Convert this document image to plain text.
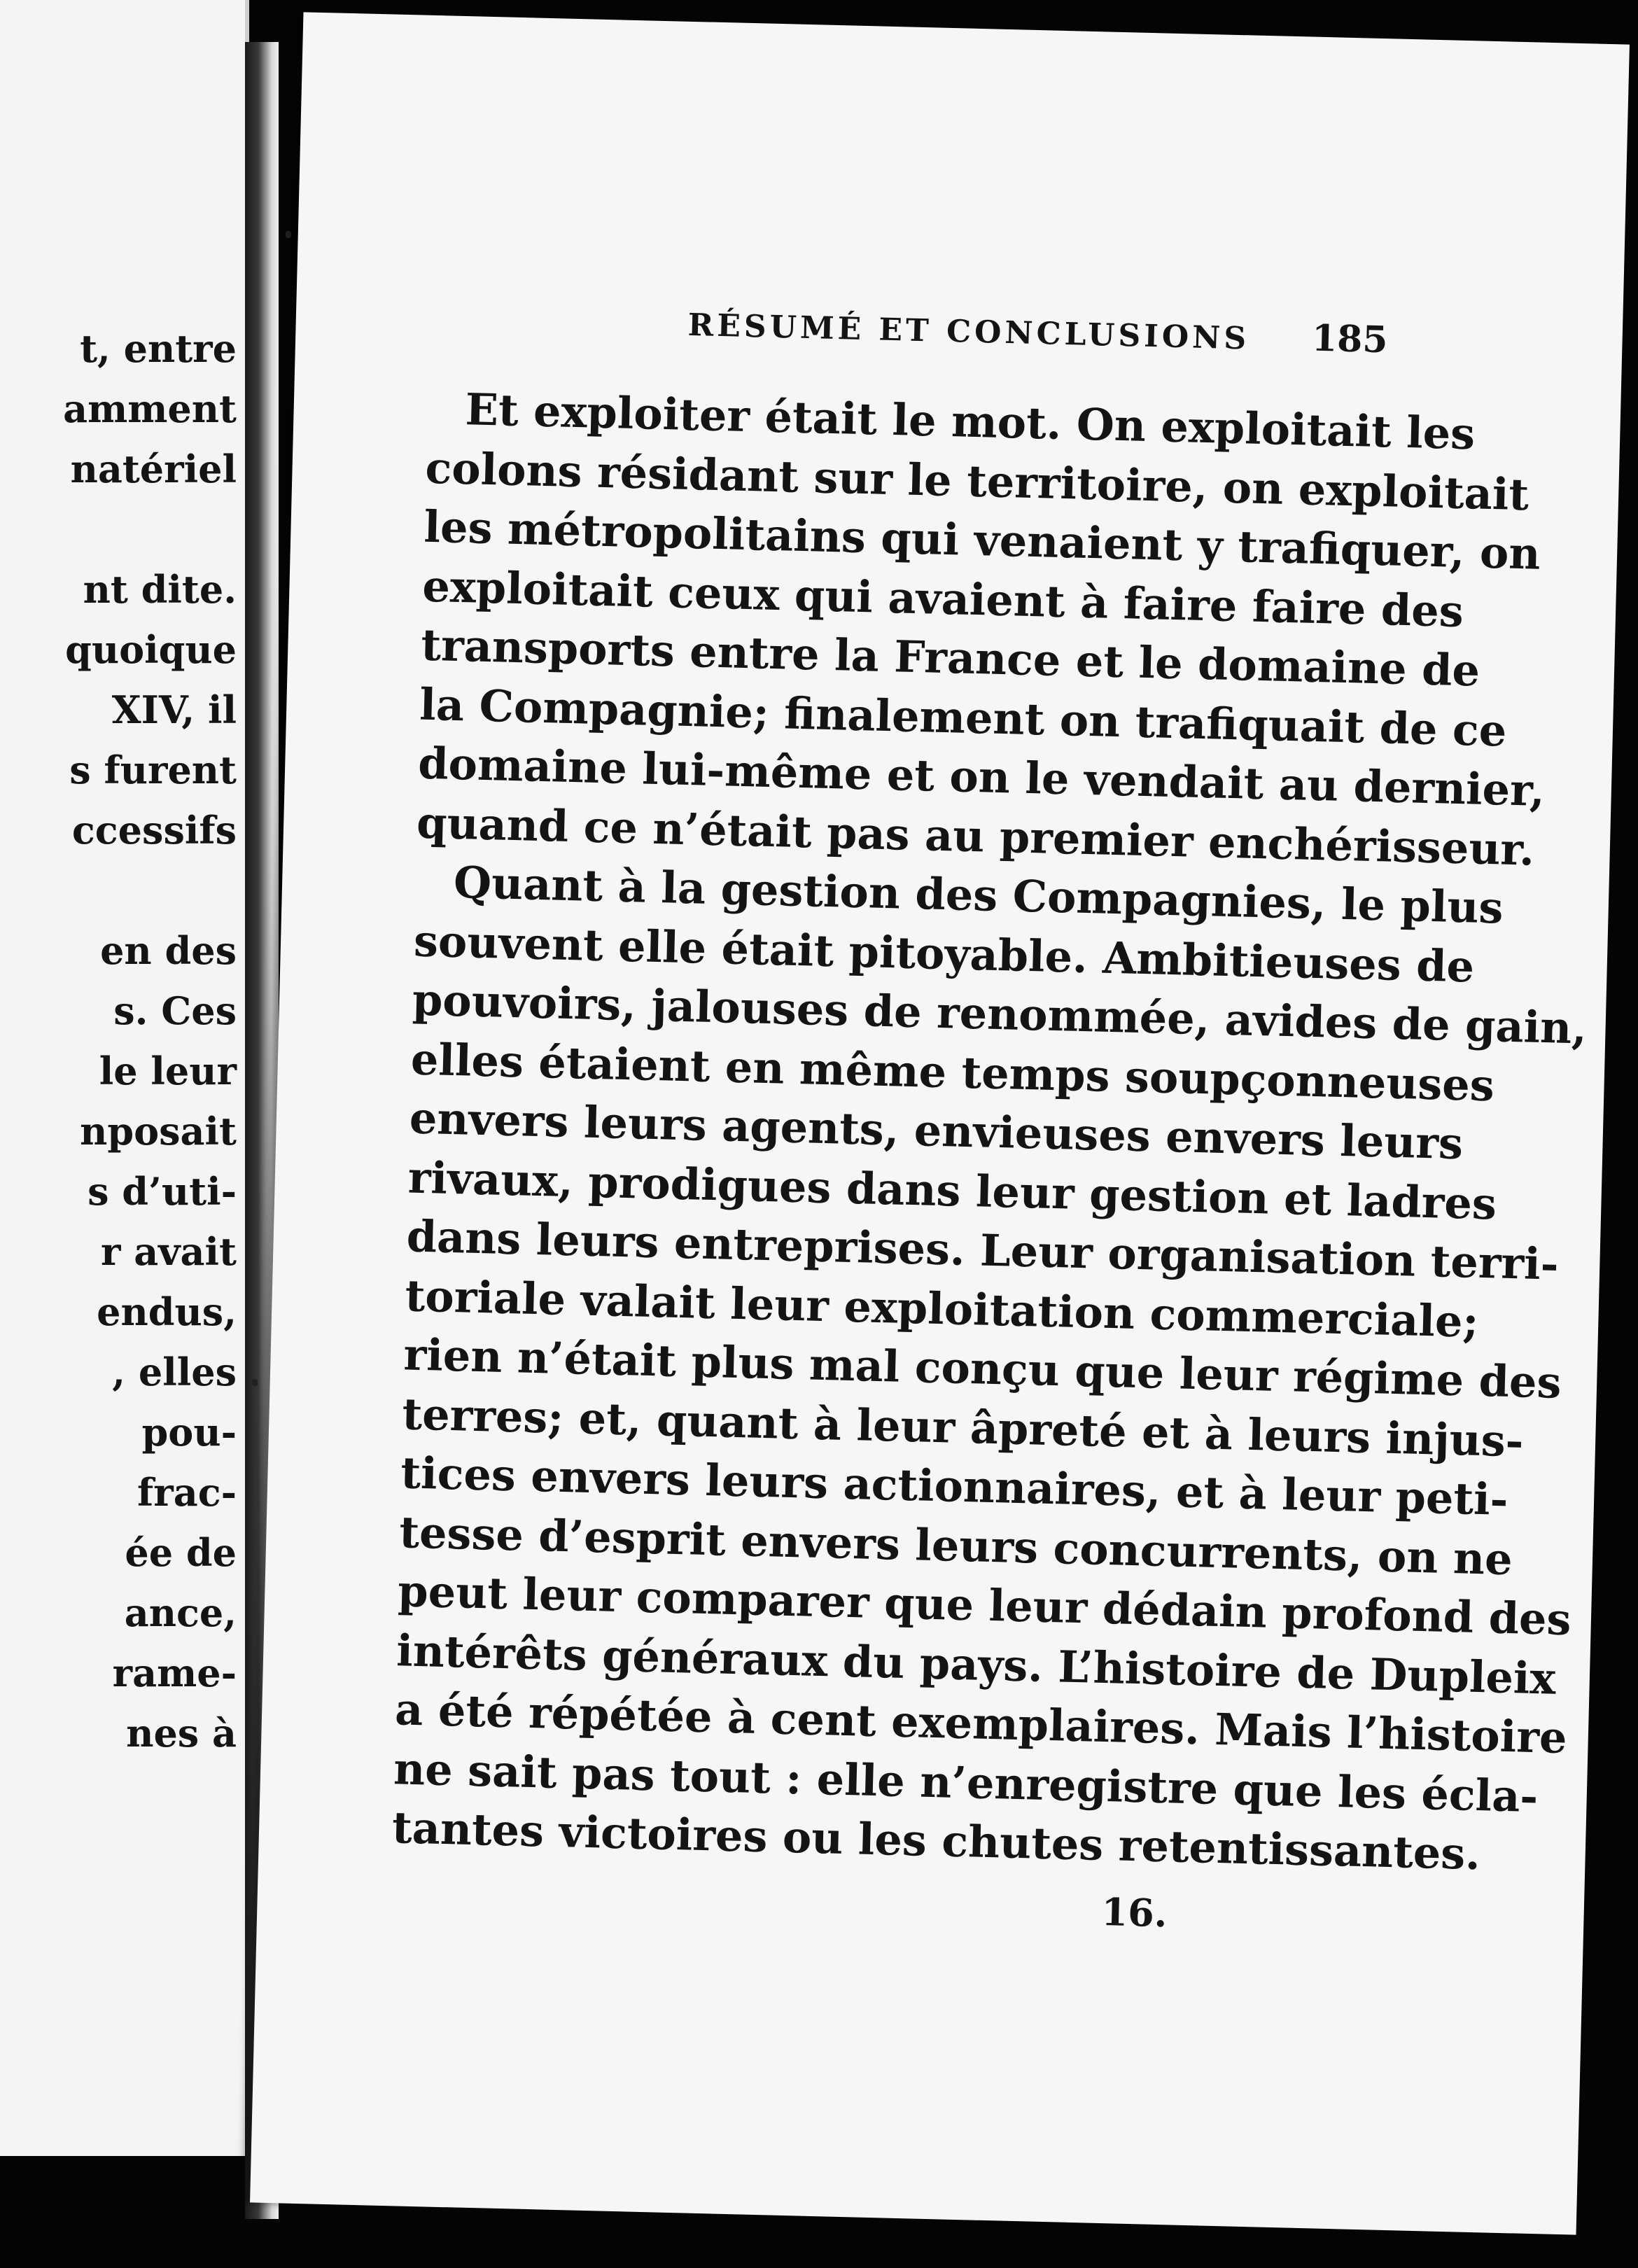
t, entre
amment
natériel
nt dite.
quoique
XIV, il
s furent
ccessifs
en des
s. Ces
le leur
nposait
s d’uti-
r avait
endus,
, elles
pou-
frac-
ée de
ance,
rame-
nes à
RÉSUMÉ ET CONCLUSIONS 185
Et exploiter était le mot. On exploitait les
colons résidant sur le territoire, on exploitait
les métropolitains qui venaient y trafiquer, on
exploitait ceux qui avaient à faire faire des
transports entre la France et le domaine de
la Compagnie; finalement on trafiquait de ce
domaine lui-même et on le vendait au dernier,
quand ce n’était pas au premier enchérisseur.
Quant à la gestion des Compagnies, le plus
souvent elle était pitoyable. Ambitieuses de
pouvoirs, jalouses de renommée, avides de gain,
elles étaient en même temps soupçonneuses
envers leurs agents, envieuses envers leurs
rivaux, prodigues dans leur gestion et ladres
dans leurs entreprises. Leur organisation terri-
toriale valait leur exploitation commerciale;
rien n’était plus mal conçu que leur régime des
terres; et, quant à leur âpreté et à leurs injus-
tices envers leurs actionnaires, et à leur peti-
tesse d’esprit envers leurs concurrents, on ne
peut leur comparer que leur dédain profond des
intérêts généraux du pays. L’histoire de Dupleix
a été répétée à cent exemplaires. Mais l’histoire
ne sait pas tout : elle n’enregistre que les écla-
tantes victoires ou les chutes retentissantes.
16.
